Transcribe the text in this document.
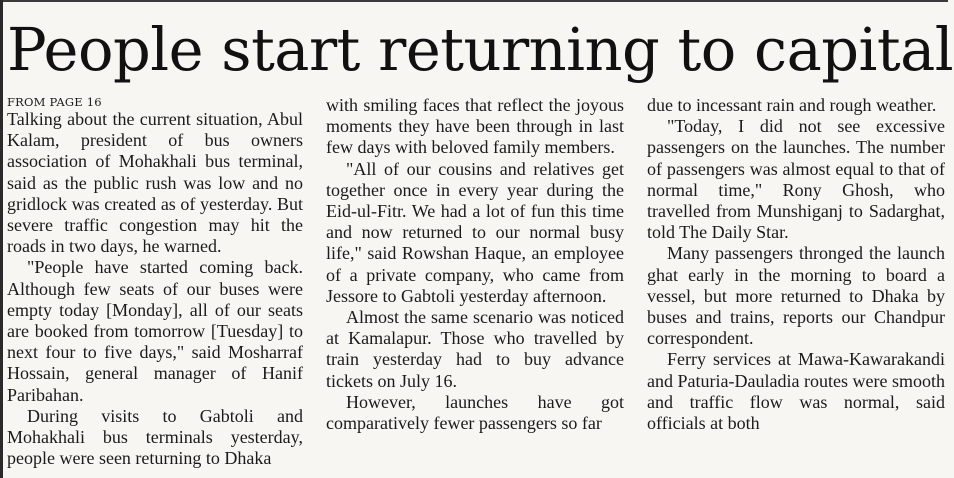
People start returning to capital
FROM PAGE 16

Talking about the current situation, Abul Kalam, president of bus owners association of Mohakhali bus terminal, said as the public rush was low and no gridlock was created as of yesterday. But severe traffic congestion may hit the roads in two days, he warned.

"People have started coming back. Although few seats of our buses were empty today [Monday], all of our seats are booked from tomorrow [Tuesday] to next four to five days," said Mosharraf Hossain, general manager of Hanif Paribahan.

During visits to Gabtoli and Mohakhali bus terminals yesterday, people were seen returning to Dhaka

with smiling faces that reflect the joyous moments they have been through in last few days with beloved family members.

"All of our cousins and relatives get together once in every year during the Eid-ul-Fitr. We had a lot of fun this time and now returned to our normal busy life," said Rowshan Haque, an employee of a private company, who came from Jessore to Gabtoli yesterday afternoon.

Almost the same scenario was noticed at Kamalapur. Those who travelled by train yesterday had to buy advance tickets on July 16.

However, launches have got comparatively fewer passengers so far

due to incessant rain and rough weather.

"Today, I did not see excessive passengers on the launches. The number of passengers was almost equal to that of normal time," Rony Ghosh, who travelled from Munshiganj to Sadarghat, told The Daily Star.

Many passengers thronged the launch ghat early in the morning to board a vessel, but more returned to Dhaka by buses and trains, reports our Chandpur correspondent.

Ferry services at Mawa-Kawarakandi and Paturia-Dauladia routes were smooth and traffic flow was normal, said officials at both
